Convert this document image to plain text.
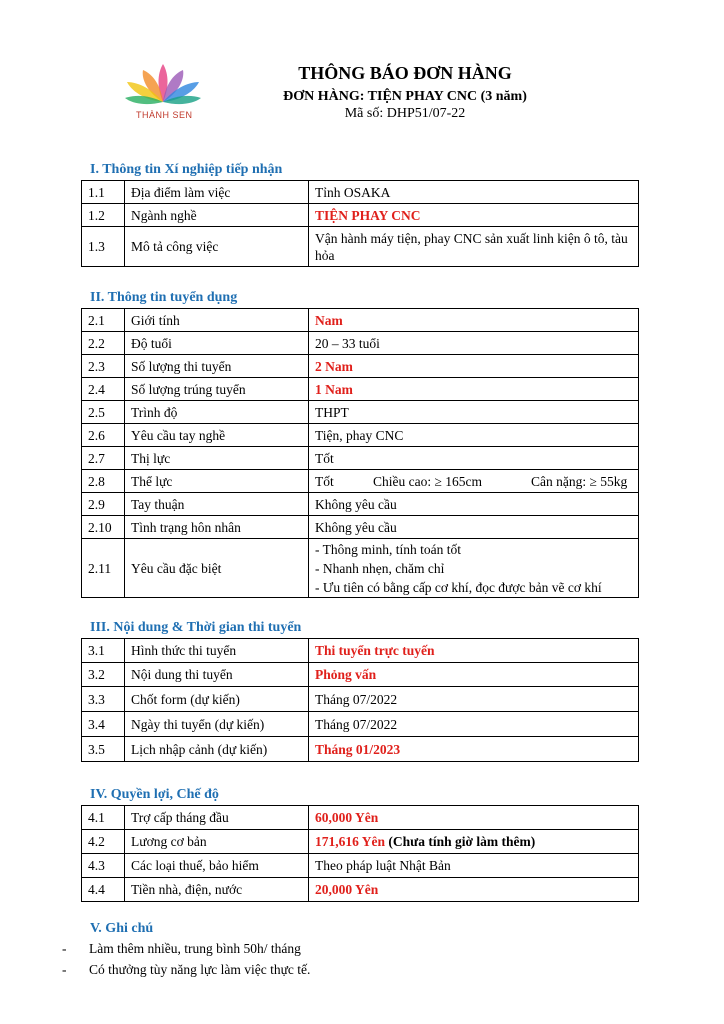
THÀNH SEN
THÔNG BÁO ĐƠN HÀNG
ĐƠN HÀNG: TIỆN PHAY CNC (3 năm)
Mã số: DHP51/07-22
I. Thông tin Xí nghiệp tiếp nhận
1.1	Địa điểm làm việc	Tỉnh OSAKA
1.2	Ngành nghề	TIỆN PHAY CNC
1.3	Mô tả công việc	Vận hành máy tiện, phay CNC sản xuất linh kiện ô tô, tàu hỏa
II. Thông tin tuyển dụng
2.1	Giới tính	Nam
2.2	Độ tuổi	20 – 33 tuổi
2.3	Số lượng thi tuyển	2 Nam
2.4	Số lượng trúng tuyển	1 Nam
2.5	Trình độ	THPT
2.6	Yêu cầu tay nghề	Tiện, phay CNC
2.7	Thị lực	Tốt
2.8	Thể lực	Tốt Chiều cao: ≥ 165cm Cân nặng: ≥ 55kg
2.9	Tay thuận	Không yêu cầu
2.10	Tình trạng hôn nhân	Không yêu cầu
2.11	Yêu cầu đặc biệt	- Thông minh, tính toán tốt
- Nhanh nhẹn, chăm chỉ
- Ưu tiên có bằng cấp cơ khí, đọc được bản vẽ cơ khí
III. Nội dung & Thời gian thi tuyển
3.1	Hình thức thi tuyển	Thi tuyển trực tuyến
3.2	Nội dung thi tuyển	Phỏng vấn
3.3	Chốt form (dự kiến)	Tháng 07/2022
3.4	Ngày thi tuyển (dự kiến)	Tháng 07/2022
3.5	Lịch nhập cảnh (dự kiến)	Tháng 01/2023
IV. Quyền lợi, Chế độ
4.1	Trợ cấp tháng đầu	60,000 Yên
4.2	Lương cơ bản	171,616 Yên (Chưa tính giờ làm thêm)
4.3	Các loại thuế, bảo hiểm	Theo pháp luật Nhật Bản
4.4	Tiền nhà, điện, nước	20,000 Yên
V. Ghi chú
- Làm thêm nhiều, trung bình 50h/ tháng
- Có thưởng tùy năng lực làm việc thực tế.
